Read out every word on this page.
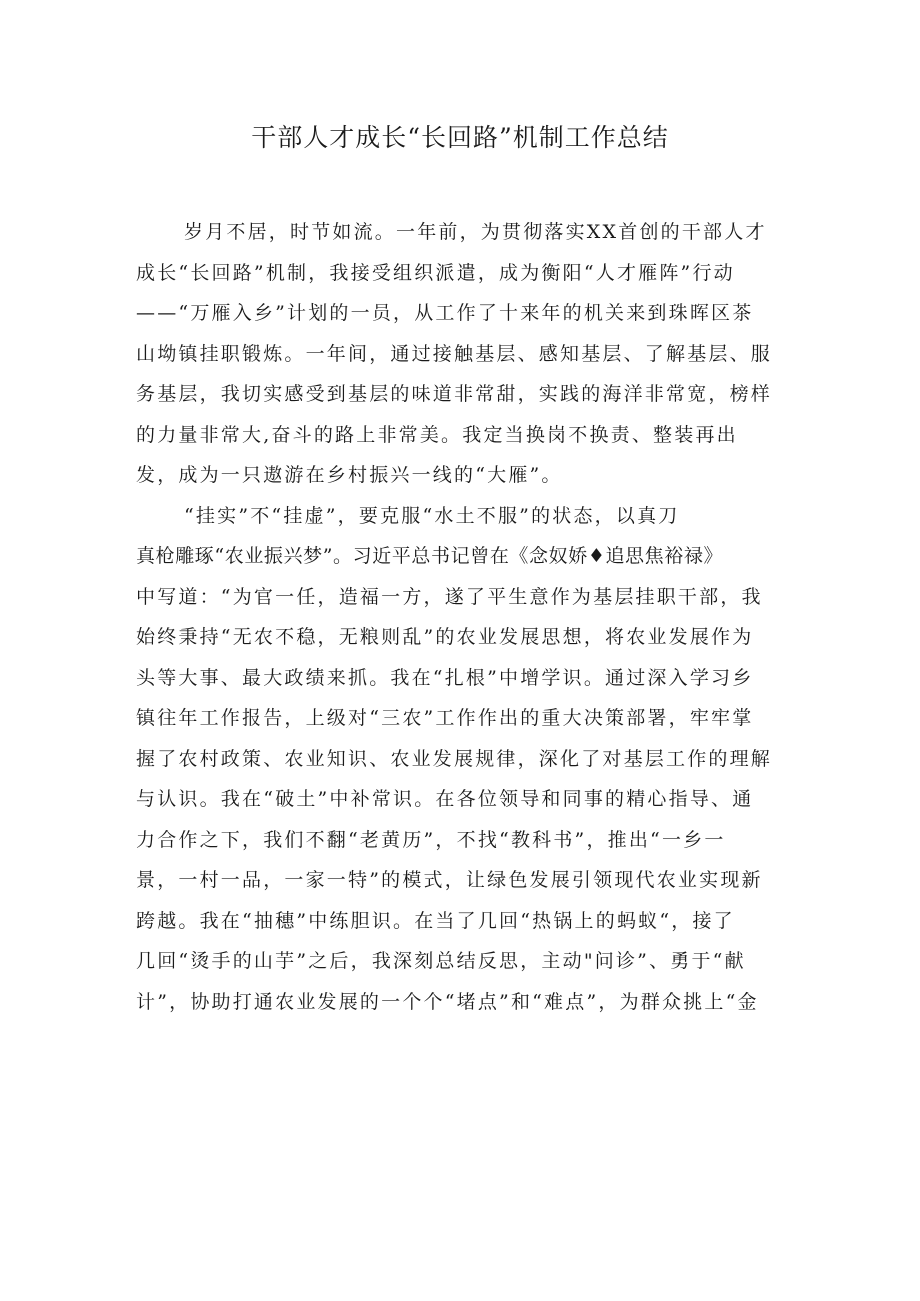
干部人才成长“长回路”机制工作总结
岁月不居，时节如流。一年前，为贯彻落实XX首创的干部人才
成长“长回路”机制，我接受组织派遣，成为衡阳“人才雁阵”行动
——“万雁入乡”计划的一员，从工作了十来年的机关来到珠晖区茶
山坳镇挂职锻炼。一年间，通过接触基层、感知基层、了解基层、服
务基层，我切实感受到基层的味道非常甜，实践的海洋非常宽，榜样
的力量非常大,奋斗的路上非常美。我定当换岗不换责、整装再出
发，成为一只遨游在乡村振兴一线的“大雁”。
“挂实”不“挂虚”，要克服“水土不服”的状态，以真刀
真枪雕琢“农业振兴梦”。习近平总书记曾在《念奴娇♦追思焦裕禄》
中写道：“为官一任，造福一方，遂了平生意作为基层挂职干部，我
始终秉持“无农不稳，无粮则乱”的农业发展思想，将农业发展作为
头等大事、最大政绩来抓。我在“扎根”中增学识。通过深入学习乡
镇往年工作报告，上级对“三农”工作作出的重大决策部署，牢牢掌
握了农村政策、农业知识、农业发展规律，深化了对基层工作的理解
与认识。我在“破土”中补常识。在各位领导和同事的精心指导、通
力合作之下，我们不翻“老黄历”，不找“教科书”，推出“一乡一
景，一村一品，一家一特”的模式，让绿色发展引领现代农业实现新
跨越。我在“抽穗”中练胆识。在当了几回“热锅上的蚂蚁“，接了
几回“烫手的山芋”之后，我深刻总结反思，主动"问诊”、勇于“献
计”，协助打通农业发展的一个个“堵点”和“难点”，为群众挑上“金
